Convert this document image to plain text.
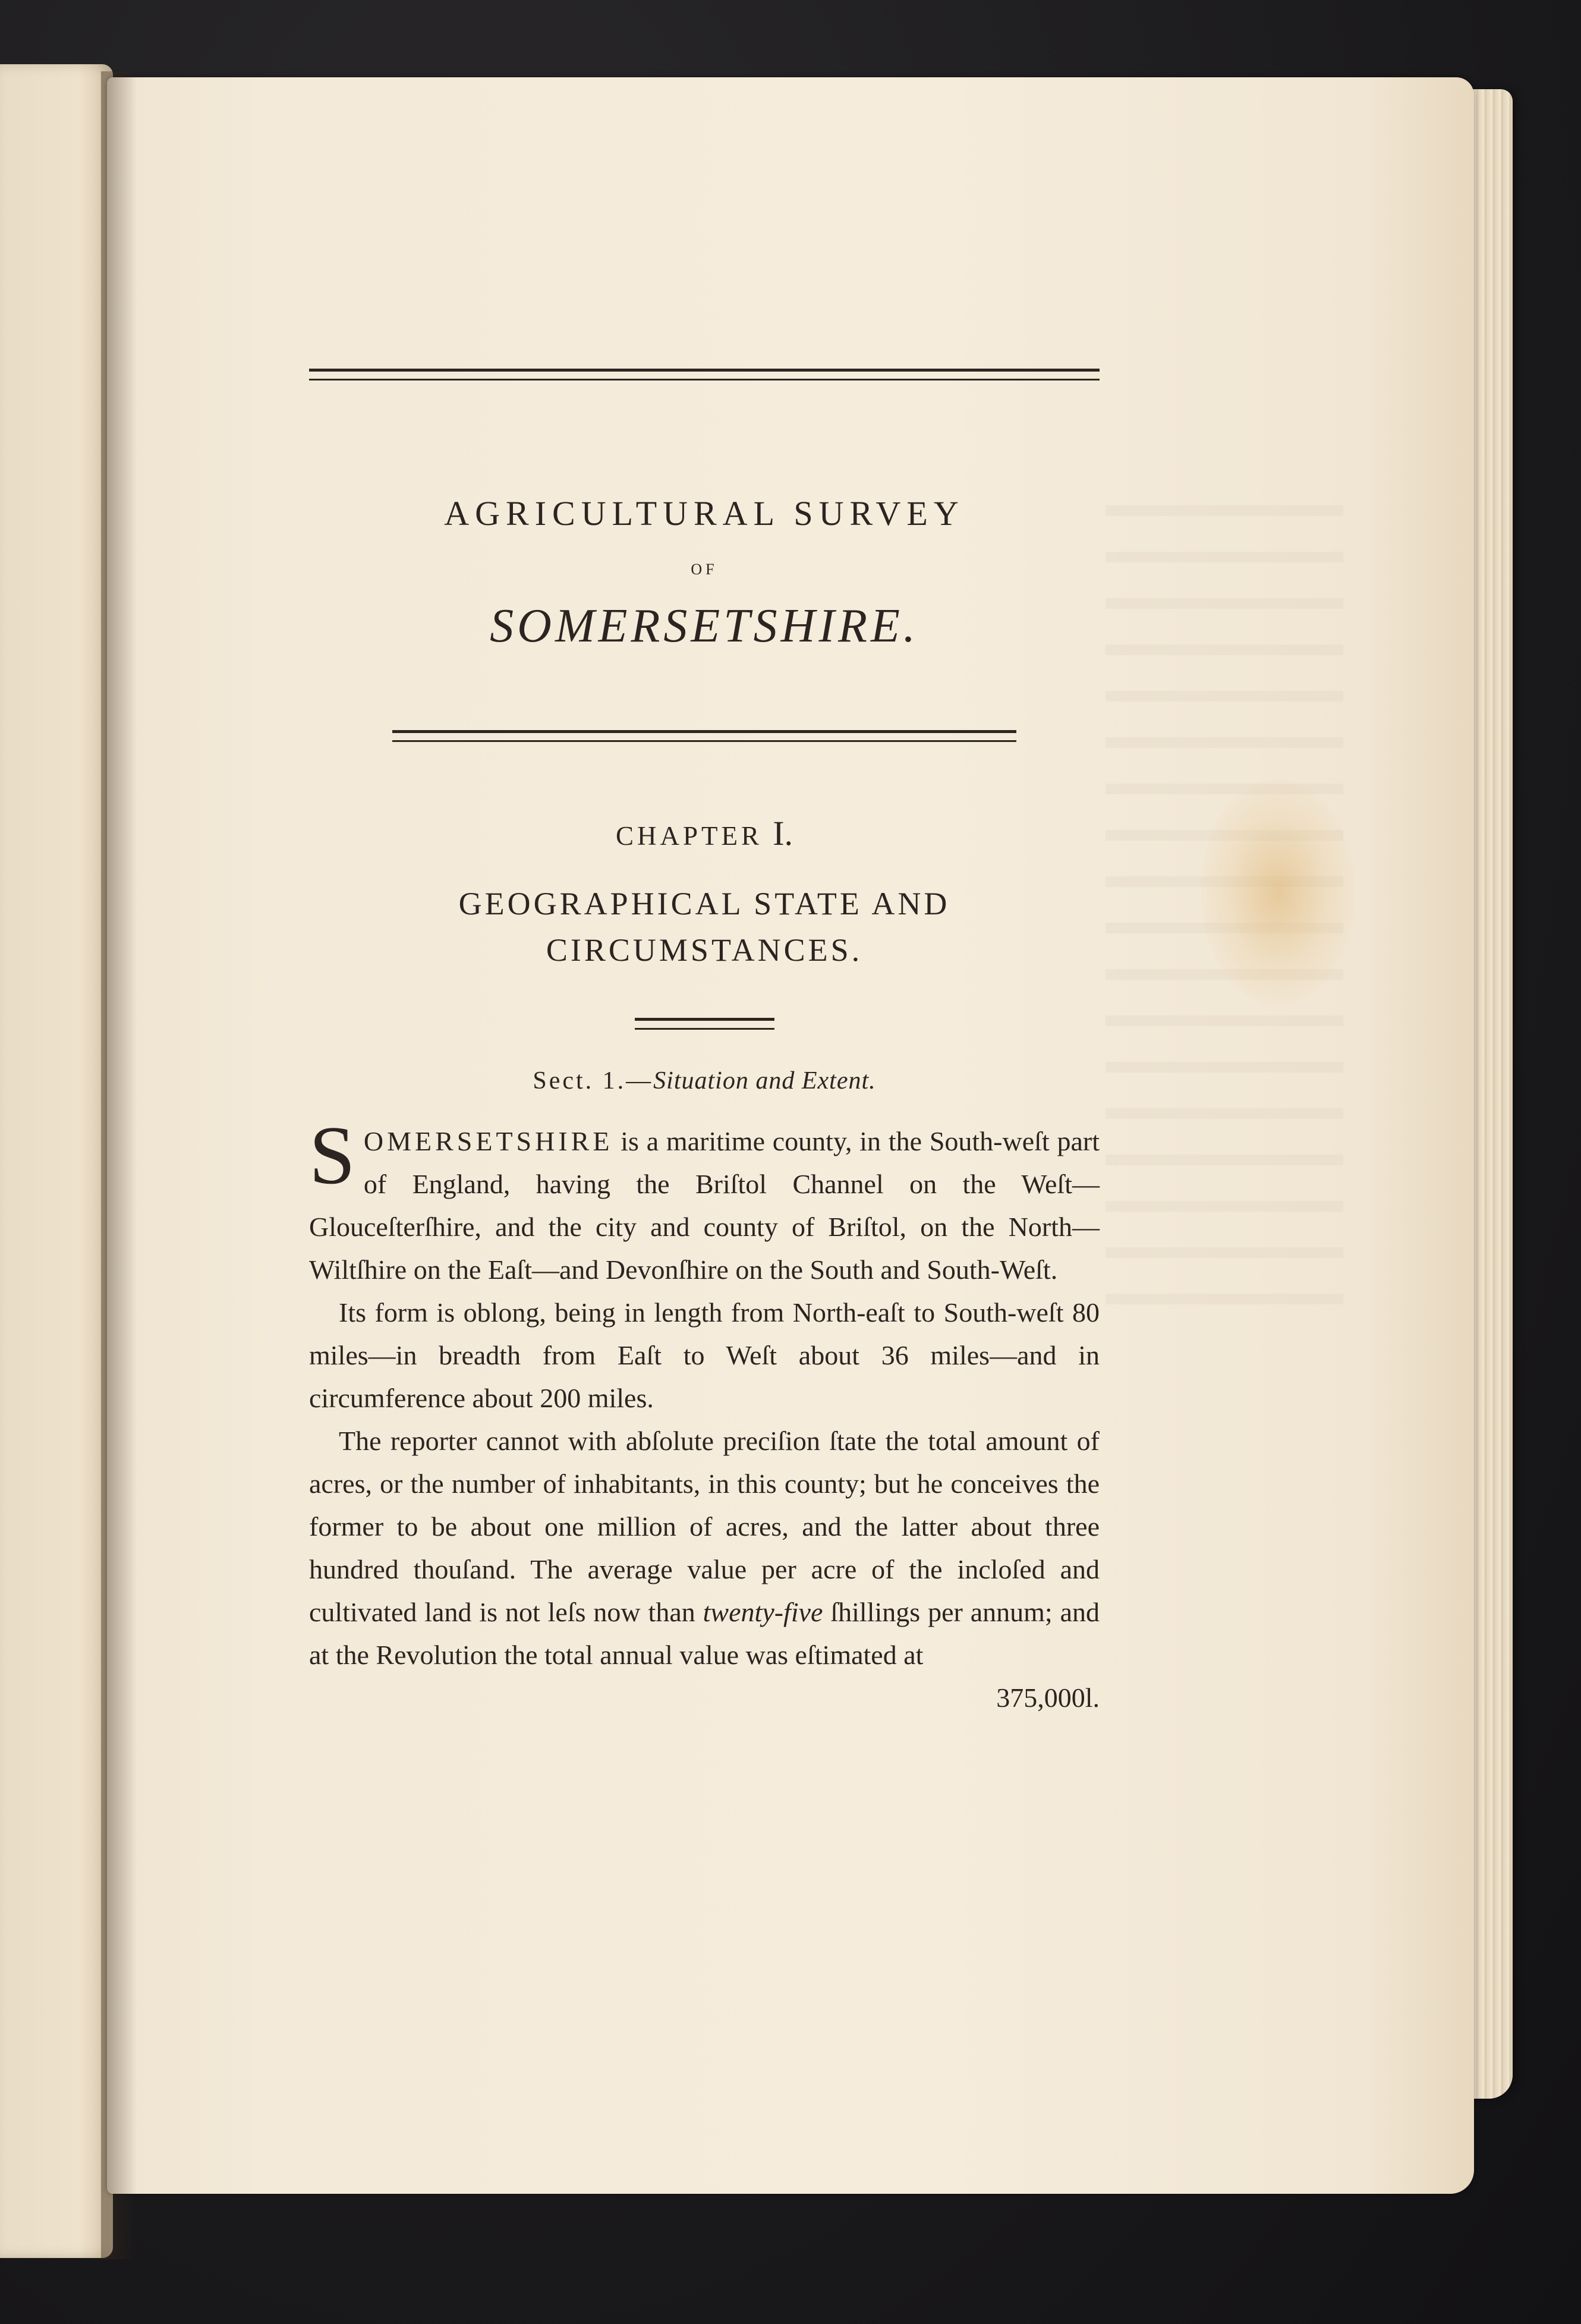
AGRICULTURAL SURVEY
OF
SOMERSETSHIRE.
CHAPTER I.
GEOGRAPHICAL STATE AND
CIRCUMSTANCES.
Sect. 1.—Situation and Extent.

SOMERSETSHIRE is a maritime county, in the South-weſt part of England, having the Briſtol Channel on the Weſt—Glouceſterſhire, and the city and county of Briſtol, on the North—Wiltſhire on the Eaſt—and Devonſhire on the South and South-Weſt.

Its form is oblong, being in length from North-eaſt to South-weſt 80 miles—in breadth from Eaſt to Weſt about 36 miles—and in circumference about 200 miles.

The reporter cannot with abſolute preciſion ſtate the total amount of acres, or the number of inhabitants, in this county; but he conceives the former to be about one million of acres, and the latter about three hundred thouſand. The average value per acre of the incloſed and cultivated land is not leſs now than twenty-five ſhillings per annum; and at the Revolution the total annual value was eſtimated at

375,000l.
